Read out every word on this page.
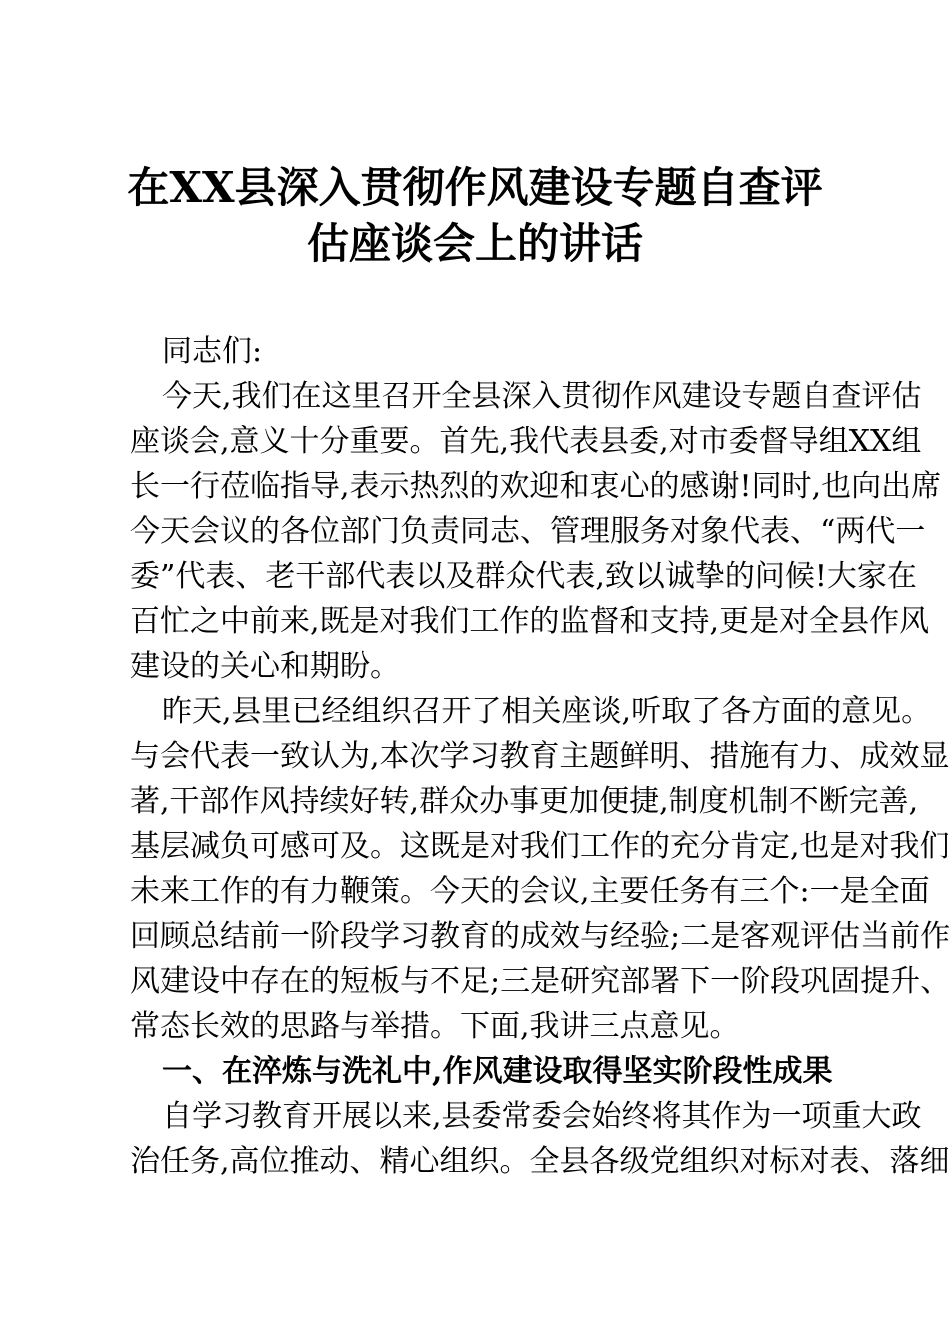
在XX县深入贯彻作风建设专题自查评
估座谈会上的讲话
同志们:
今天,我们在这里召开全县深入贯彻作风建设专题自查评估
座谈会,意义十分重要。首先,我代表县委,对市委督导组XX组
长一行莅临指导,表示热烈的欢迎和衷心的感谢!同时,也向出席
今天会议的各位部门负责同志、管理服务对象代表、“两代一
委”代表、老干部代表以及群众代表,致以诚挚的问候!大家在
百忙之中前来,既是对我们工作的监督和支持,更是对全县作风
建设的关心和期盼。
昨天,县里已经组织召开了相关座谈,听取了各方面的意见。
与会代表一致认为,本次学习教育主题鲜明、措施有力、成效显
著,干部作风持续好转,群众办事更加便捷,制度机制不断完善,
基层减负可感可及。这既是对我们工作的充分肯定,也是对我们
未来工作的有力鞭策。今天的会议,主要任务有三个:一是全面
回顾总结前一阶段学习教育的成效与经验;二是客观评估当前作
风建设中存在的短板与不足;三是研究部署下一阶段巩固提升、
常态长效的思路与举措。下面,我讲三点意见。
一、在淬炼与洗礼中,作风建设取得坚实阶段性成果
自学习教育开展以来,县委常委会始终将其作为一项重大政
治任务,高位推动、精心组织。全县各级党组织对标对表、落细
